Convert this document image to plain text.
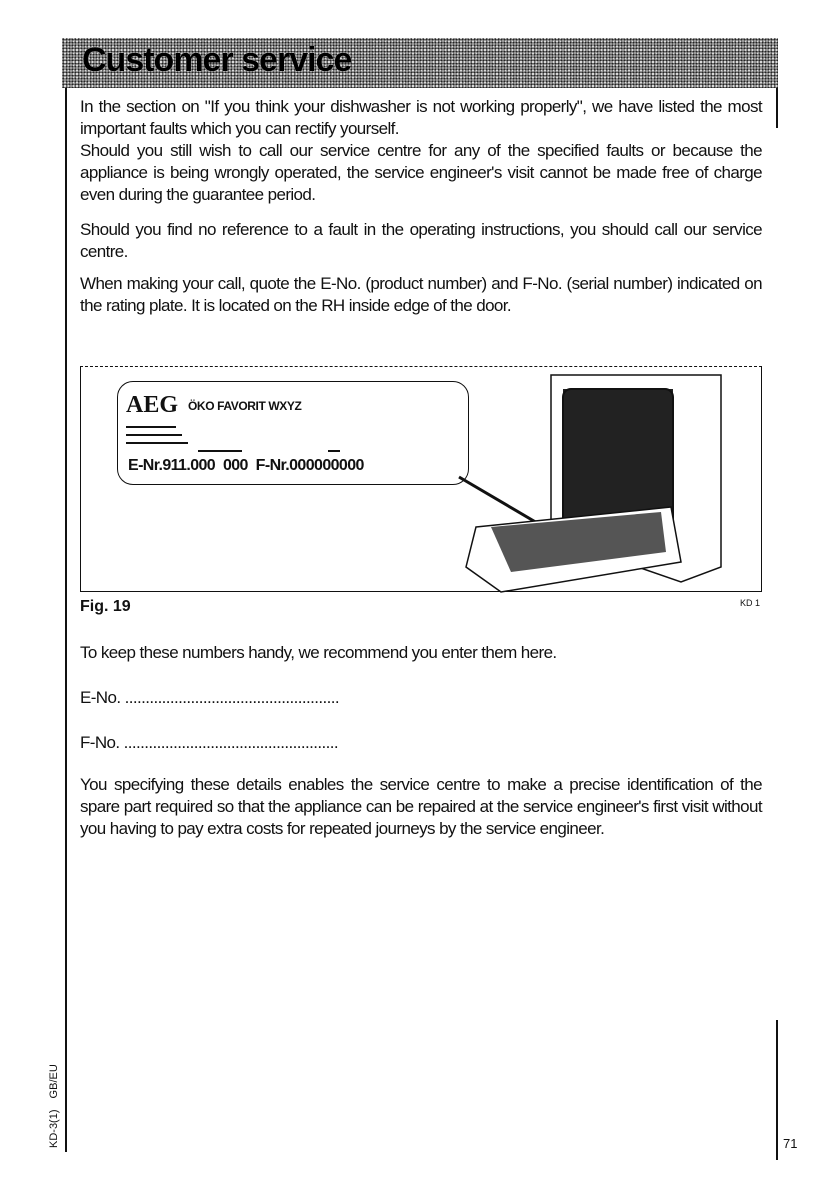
Customer service

In the section on "If you think your dishwasher is not working properly", we have listed the most important faults which you can rectify yourself.

Should you still wish to call our service centre for any of the specified faults or because the appliance is being wrongly operated, the service engineer's visit cannot be made free of charge even during the guarantee period.

Should you find no reference to a fault in the operating instructions, you should call our service centre.
When making your call, quote the E-No. (product number) and F-No. (serial number) indicated on the rating plate. It is located on the RH inside edge of the door.
AEG ÖKO FAVORIT WXYZ
E-Nr.911.000 000 F-Nr.000000000
Fig. 19	KD 1
To keep these numbers handy, we recommend you enter them here.
E-No. ....................................................
F-No. ....................................................
You specifying these details enables the service centre to make a precise identification of the spare part required so that the appliance can be repaired at the service engineer's first visit without you having to pay extra costs for repeated journeys by the service engineer.
KD-3(1) GB/EU	71
